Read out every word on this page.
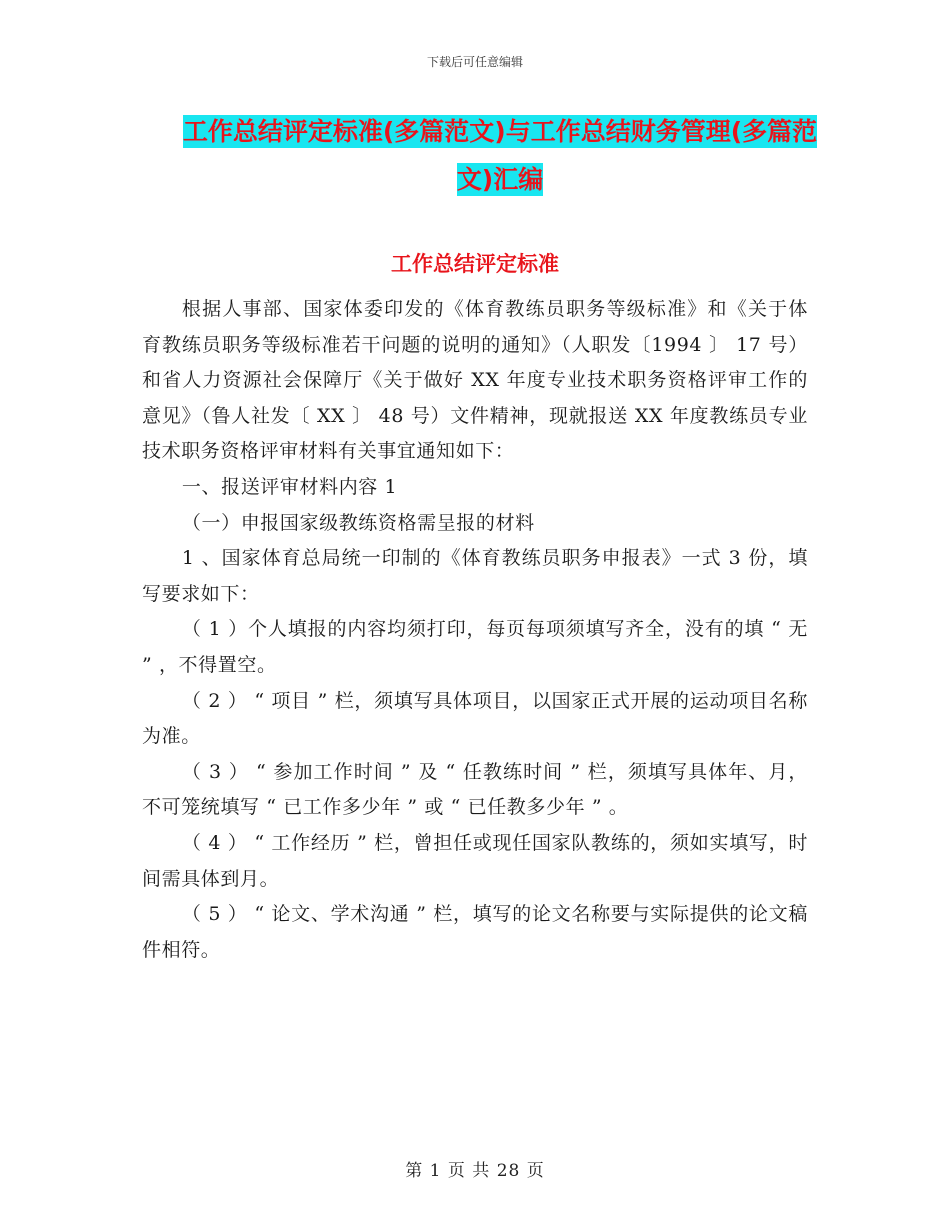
下载后可任意编辑
工作总结评定标准(多篇范文)与工作总结财务管理(多篇范文)汇编
工作总结评定标准

根据人事部、国家体委印发的《体育教练员职务等级标准》和《关于体育教练员职务等级标准若干问题的说明的通知》（人职发〔1994 〕 17 号）和省人力资源社会保障厅《关于做好 XX 年度专业技术职务资格评审工作的意见》（鲁人社发〔 XX 〕 48 号）文件精神，现就报送 XX 年度教练员专业技术职务资格评审材料有关事宜通知如下：

一、报送评审材料内容 1

（一）申报国家级教练资格需呈报的材料

1 、国家体育总局统一印制的《体育教练员职务申报表》一式 3 份，填写要求如下：

（ 1 ）个人填报的内容均须打印，每页每项须填写齐全，没有的填 “ 无 ” ，不得置空。

（ 2 ） “ 项目 ” 栏，须填写具体项目，以国家正式开展的运动项目名称为准。

（ 3 ） “ 参加工作时间 ” 及 “ 任教练时间 ” 栏，须填写具体年、月，不可笼统填写 “ 已工作多少年 ” 或 “ 已任教多少年 ” 。

（ 4 ） “ 工作经历 ” 栏，曾担任或现任国家队教练的，须如实填写，时间需具体到月。

（ 5 ） “ 论文、学术沟通 ” 栏，填写的论文名称要与实际提供的论文稿件相符。

第 1 页 共 28 页
